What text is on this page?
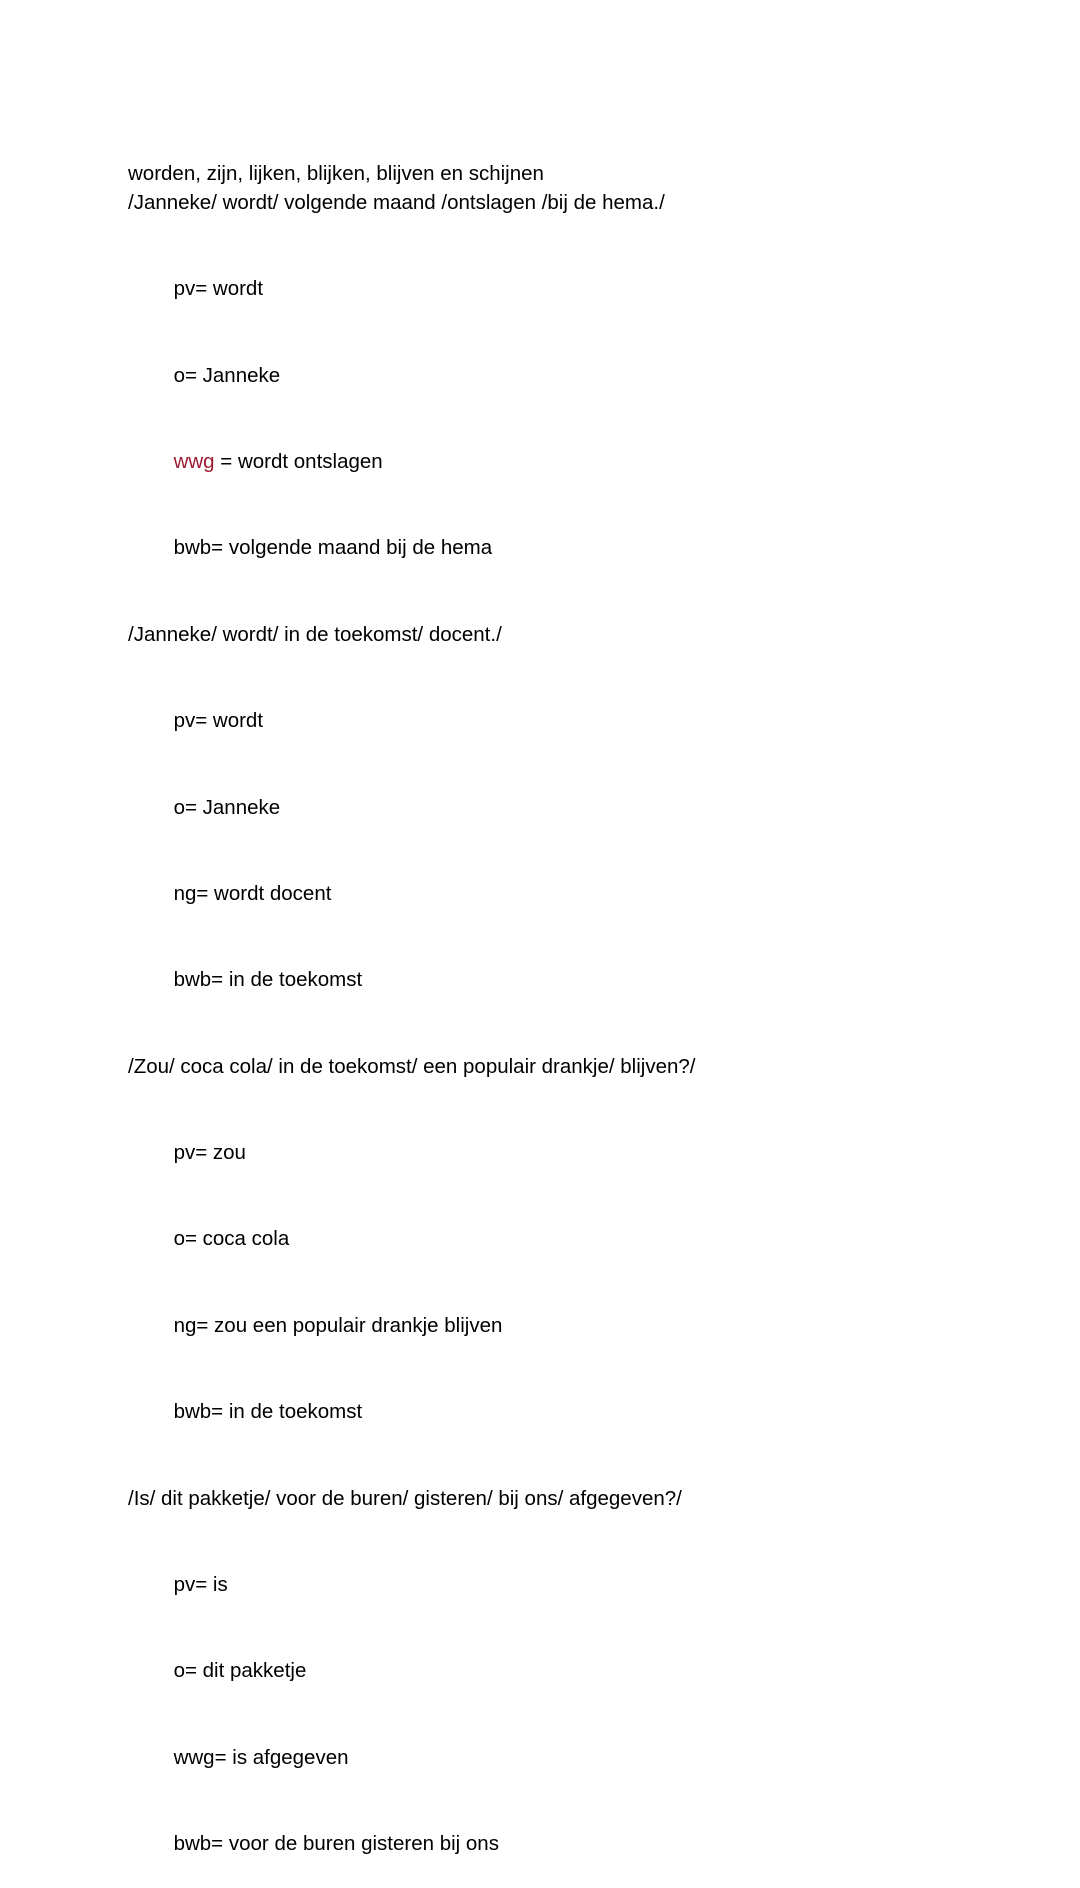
worden, zijn, lijken, blijken, blijven en schijnen
/Janneke/ wordt/ volgende maand /ontslagen /bij de hema./

pv= wordt

o= Janneke

wwg = wordt ontslagen

bwb= volgende maand bij de hema

/Janneke/ wordt/ in de toekomst/ docent./

pv= wordt

o= Janneke

ng= wordt docent

bwb= in de toekomst

/Zou/ coca cola/ in de toekomst/ een populair drankje/ blijven?/

pv= zou

o= coca cola

ng= zou een populair drankje blijven

bwb= in de toekomst

/Is/ dit pakketje/ voor de buren/ gisteren/ bij ons/ afgegeven?/

pv= is

o= dit pakketje

wwg= is afgegeven

bwb= voor de buren gisteren bij ons
